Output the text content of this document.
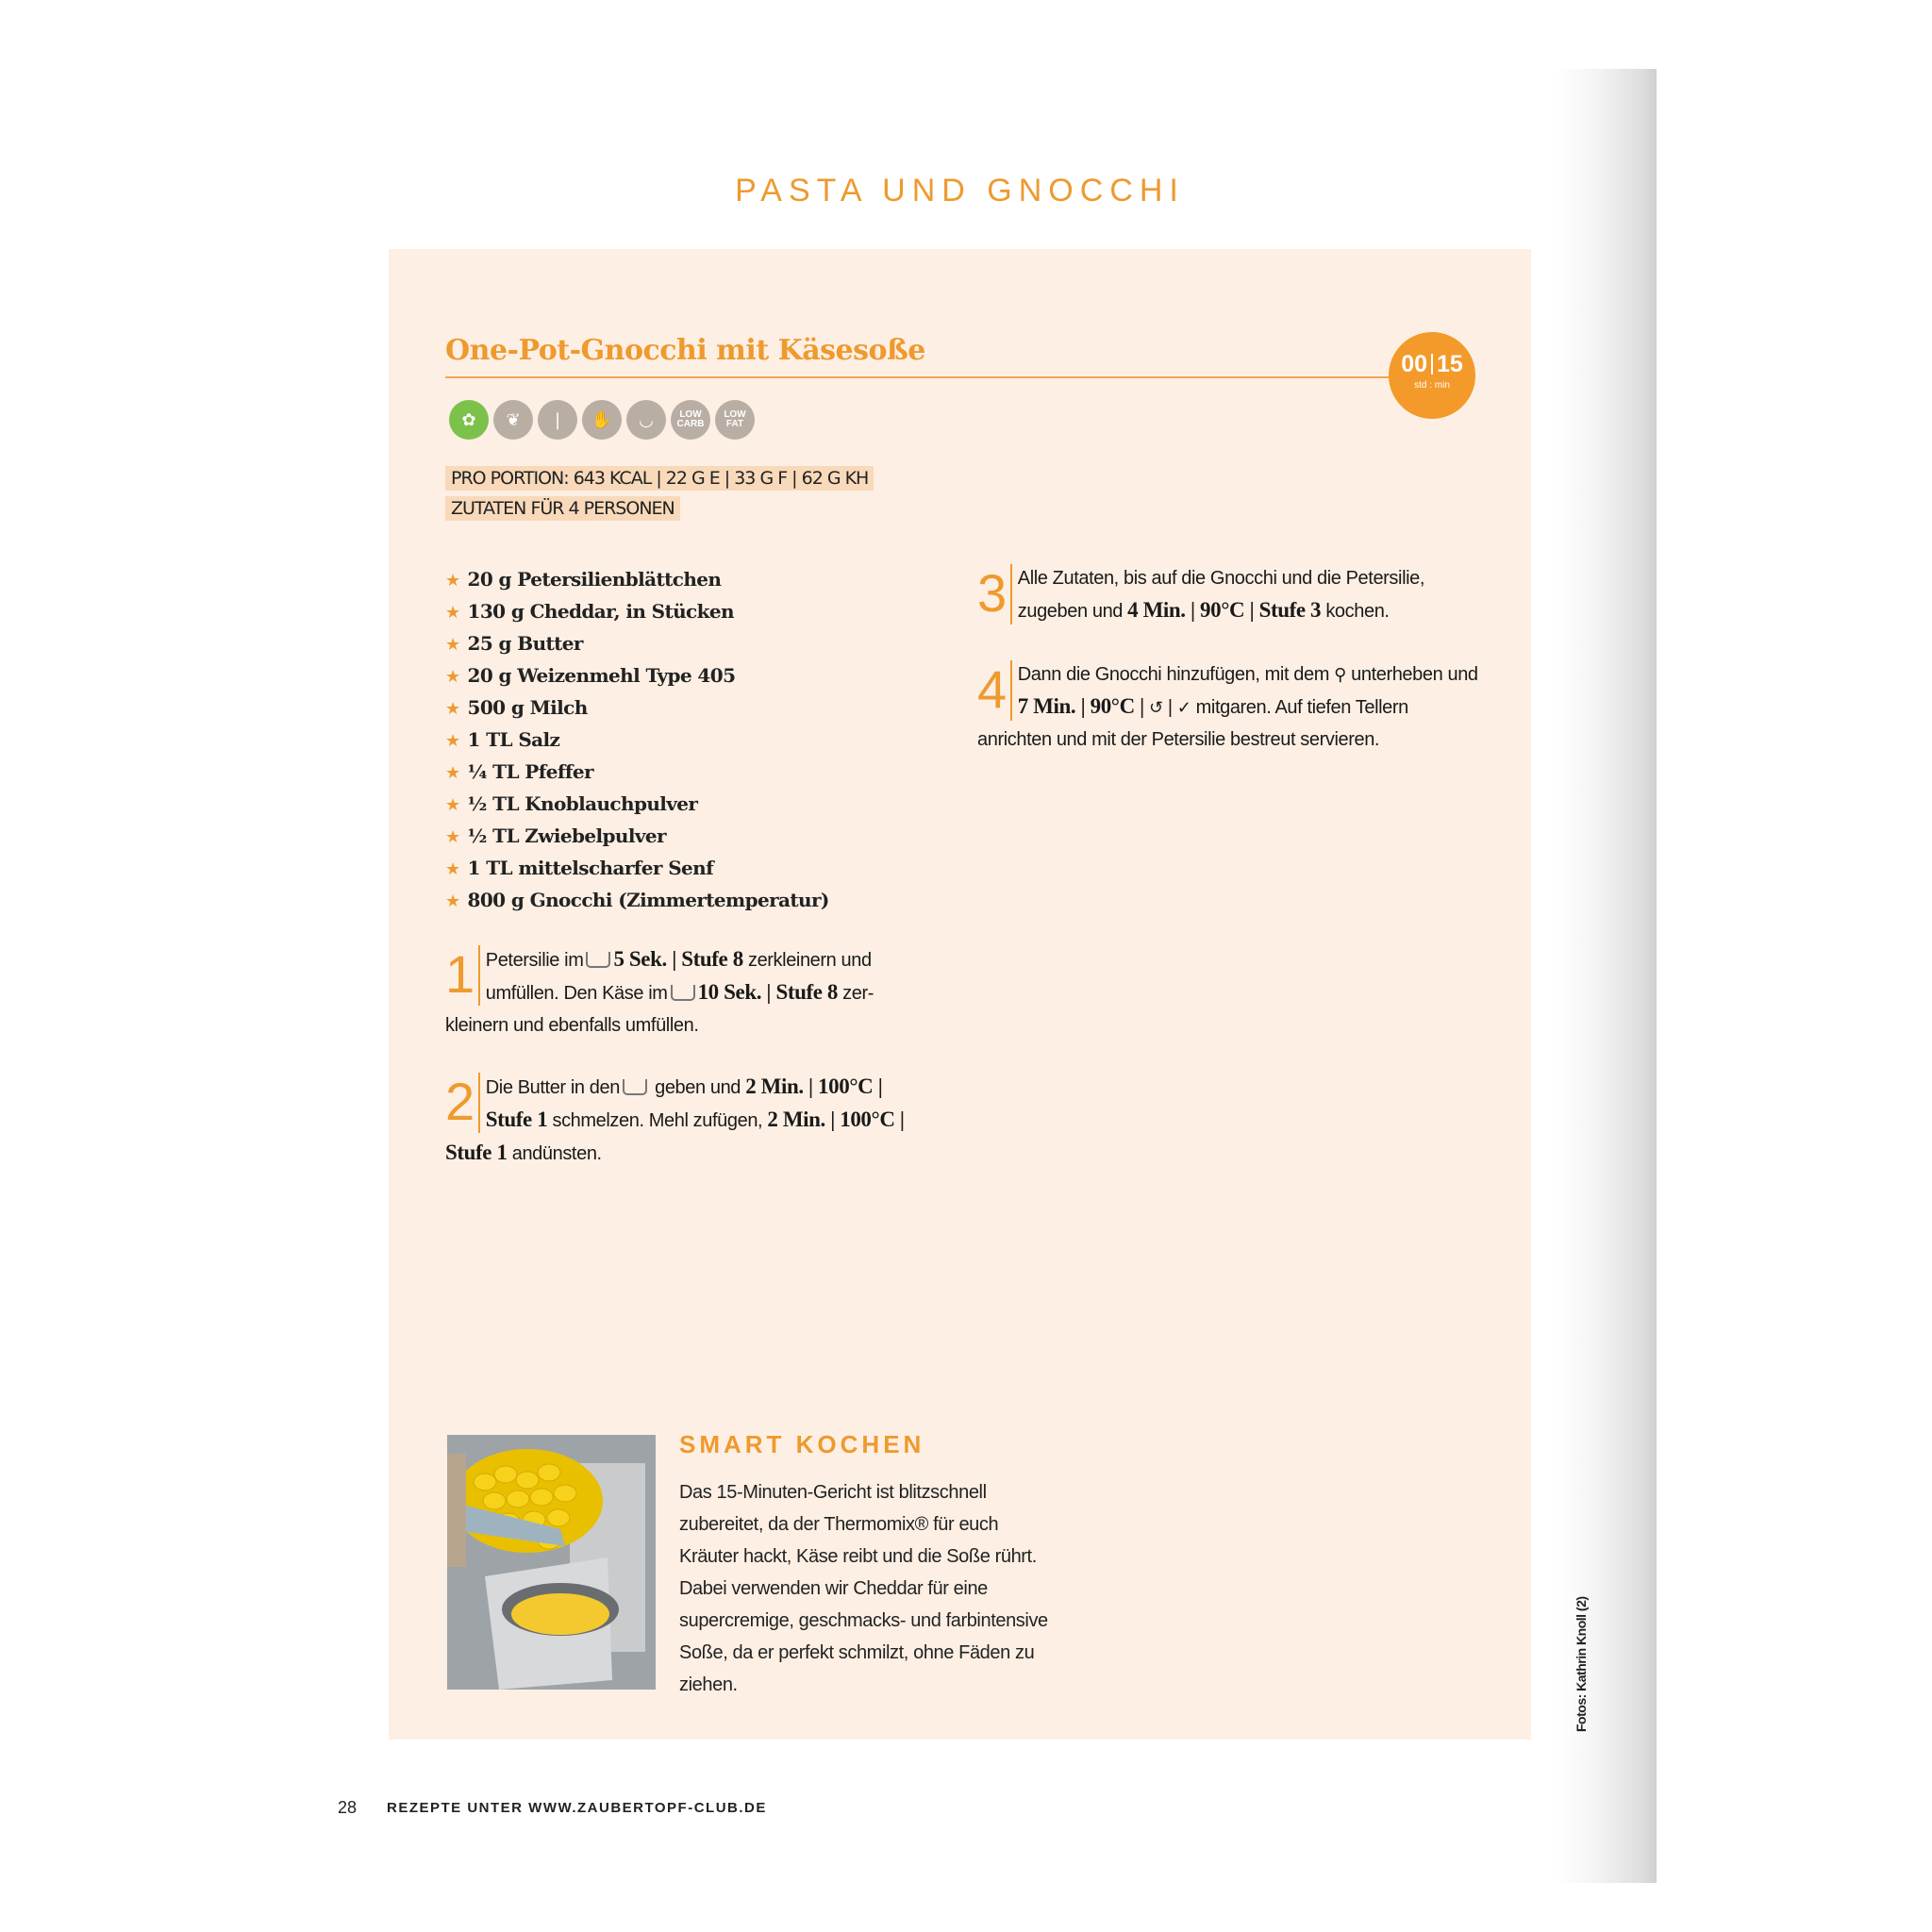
PASTA UND GNOCCHI
One-Pot-Gnocchi mit Käsesoße	00 15
std : min
✿ ❦ ❘ ✋ ◡	LOW
CARB
LOW
FAT
PRO PORTION: 643 KCAL | 22 G E | 33 G F | 62 G KH
ZUTATEN FÜR 4 PERSONEN
★ 20 g Petersilienblättchen
★ 130 g Cheddar, in Stücken
★ 25 g Butter
★ 20 g Weizenmehl Type 405
★ 500 g Milch
★ 1 TL Salz
★ ¼ TL Pfeffer
★ ½ TL Knoblauchpulver
★ ½ TL Zwiebelpulver
★ 1 TL mittelscharfer Senf
★ 800 g Gnocchi (Zimmertemperatur)
1 Petersilie im 5 Sek. | Stufe 8 zerkleinern und umfüllen. Den Käse im 10 Sek. | Stufe 8 zerkleinern und ebenfalls umfüllen.
2 Die Butter in den geben und 2 Min. | 100°C | Stufe 1 schmelzen. Mehl zufügen, 2 Min. | 100°C | Stufe 1 andünsten.
3 Alle Zutaten, bis auf die Gnocchi und die Petersilie, zugeben und 4 Min. | 90°C | Stufe 3 kochen.
4 Dann die Gnocchi hinzufügen, mit dem ⚲ unterheben und 7 Min. | 90°C | ↺ | ✓ mitgaren. Auf tiefen Tellern anrichten und mit der Petersilie bestreut servieren.
SMART KOCHEN
Das 15-Minuten-Gericht ist blitzschnell zubereitet, da der Thermomix® für euch Kräuter hackt, Käse reibt und die Soße rührt. Dabei verwenden wir Cheddar für eine supercremige, geschmacks- und farbintensive Soße, da er perfekt schmilzt, ohne Fäden zu ziehen.	Fotos: Kathrin Knoll (2)
28 REZEPTE UNTER WWW.ZAUBERTOPF-CLUB.DE
